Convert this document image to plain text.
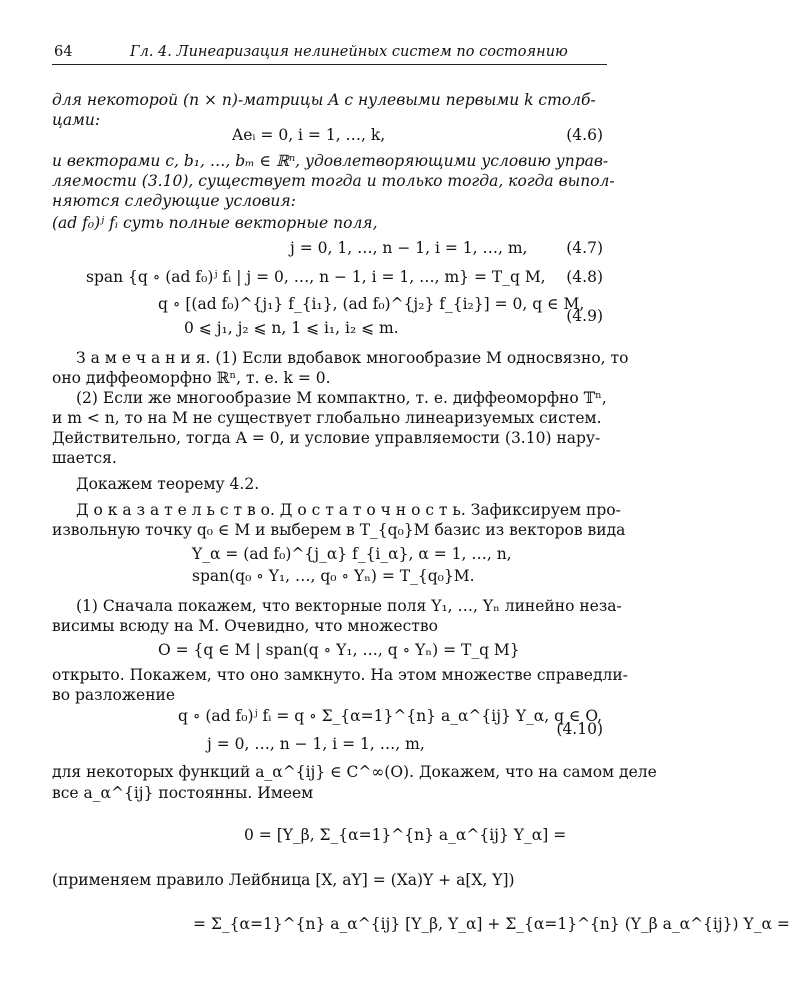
64	Гл. 4. Линеаризация нелинейных систем по состоянию
для некоторой (n × n)-матрицы A с нулевыми первыми k столб-
цами:
Aeᵢ = 0, i = 1, …, k,	(4.6)
и векторами c, b₁, …, bₘ ∈ ℝⁿ, удовлетворяющими условию управ-
ляемости (3.10), существует тогда и только тогда, когда выпол-
няются следующие условия:
(ad f₀)ʲ fᵢ суть полные векторные поля,
j = 0, 1, …, n − 1, i = 1, …, m,	(4.7)
span {q ∘ (ad f₀)ʲ fᵢ | j = 0, …, n − 1, i = 1, …, m} = T_q M, (4.8)
q ∘ [(ad f₀)^{j₁} f_{i₁}, (ad f₀)^{j₂} f_{i₂}] = 0, q ∈ M,
0 ⩽ j₁, j₂ ⩽ n, 1 ⩽ i₁, i₂ ⩽ m.
(4.9)
З а м е ч а н и я. (1) Если вдобавок многообразие M односвязно, то
оно диффеоморфно ℝⁿ, т. е. k = 0.
(2) Если же многообразие M компактно, т. е. диффеоморфно 𝕋ⁿ,
и m < n, то на M не существует глобально линеаризуемых систем.
Действительно, тогда A = 0, и условие управляемости (3.10) нару-
шается.
Докажем теорему 4.2.
Д о к а з а т е л ь с т в о. Д о с т а т о ч н о с т ь. Зафиксируем про-
извольную точку q₀ ∈ M и выберем в T_{q₀}M базис из векторов вида
Y_α = (ad f₀)^{j_α} f_{i_α}, α = 1, …, n,
span(q₀ ∘ Y₁, …, q₀ ∘ Yₙ) = T_{q₀}M.
(1) Сначала покажем, что векторные поля Y₁, …, Yₙ линейно неза-
висимы всюду на M. Очевидно, что множество
O = {q ∈ M | span(q ∘ Y₁, …, q ∘ Yₙ) = T_q M}
открыто. Покажем, что оно замкнуто. На этом множестве справедли-
во разложение
q ∘ (ad f₀)ʲ fᵢ = q ∘ Σ_{α=1}^{n} a_α^{ij} Y_α, q ∈ O,
j = 0, …, n − 1, i = 1, …, m,
(4.10)
для некоторых функций a_α^{ij} ∈ C^∞(O). Докажем, что на самом деле
все a_α^{ij} постоянны. Имеем
0 = [Y_β, Σ_{α=1}^{n} a_α^{ij} Y_α] =
(применяем правило Лейбница [X, aY] = (Xa)Y + a[X, Y])
= Σ_{α=1}^{n} a_α^{ij} [Y_β, Y_α] + Σ_{α=1}^{n} (Y_β a_α^{ij}) Y_α =
